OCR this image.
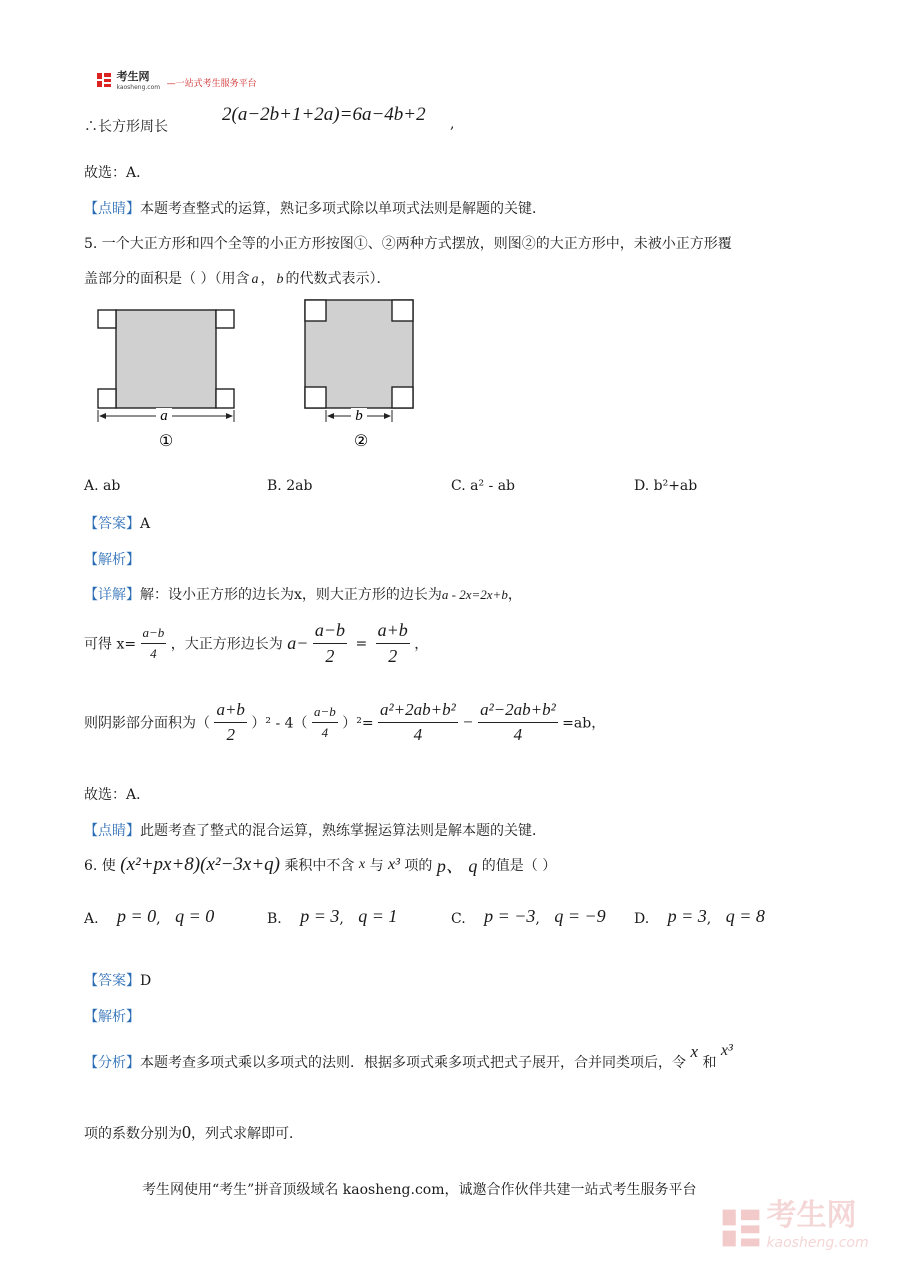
考生网
kaosheng.com —一站式考生服务平台
∴长方形周长
2(a−2b+1+2a)=6a−4b+2 ,
故选：A．
【点睛】本题考查整式的运算，熟记多项式除以单项式法则是解题的关键．
5. 一个大正方形和四个全等的小正方形按图①、②两种方式摆放，则图②的大正方形中，未被小正方形覆
盖部分的面积是（ ）（用含 a ， b 的代数式表示）．
a
①
b
②
A. ab	B. 2ab	C. a² - ab	D. b²+ab
【答案】A
【解析】
【详解】解：设小正方形的边长为x，则大正方形的边长为a - 2x=2x+b，
可得 $x= \frac{a-b}{4}$ ，大正方形边长为 $a- \frac{a-b}{2} = \frac{a+b}{2}$ ，
则阴影部分面积为（ $\frac{a+b}{2} )^2 - 4( \frac{a-b}{4} )^2= \frac{\text{a²+2ab+b²}}{4} - \frac{\text{a²−2ab+b²}}{4} =ab$，
故选：A．
【点睛】此题考查了整式的混合运算，熟练掌握运算法则是解本题的关键．
6. 使 (x²+px+8)(x²−3x+q) 乘积中不含 x 与 x³ 项的 p、 q 的值是（ ）
A. p = 0, q = 0	B. p = 3, q = 1	C. p = −3, q = −9 D. p = 3, q = 8
【答案】D
【解析】
【分析】本题考查多项式乘以多项式的法则．根据多项式乘多项式把式子展开，合并同类项后，令 x 和 x³
项的系数分别为0，列式求解即可．
考生网使用“考生”拼音顶级域名 kaosheng.com，诚邀合作伙伴共建一站式考生服务平台
考生网
kaosheng.com
